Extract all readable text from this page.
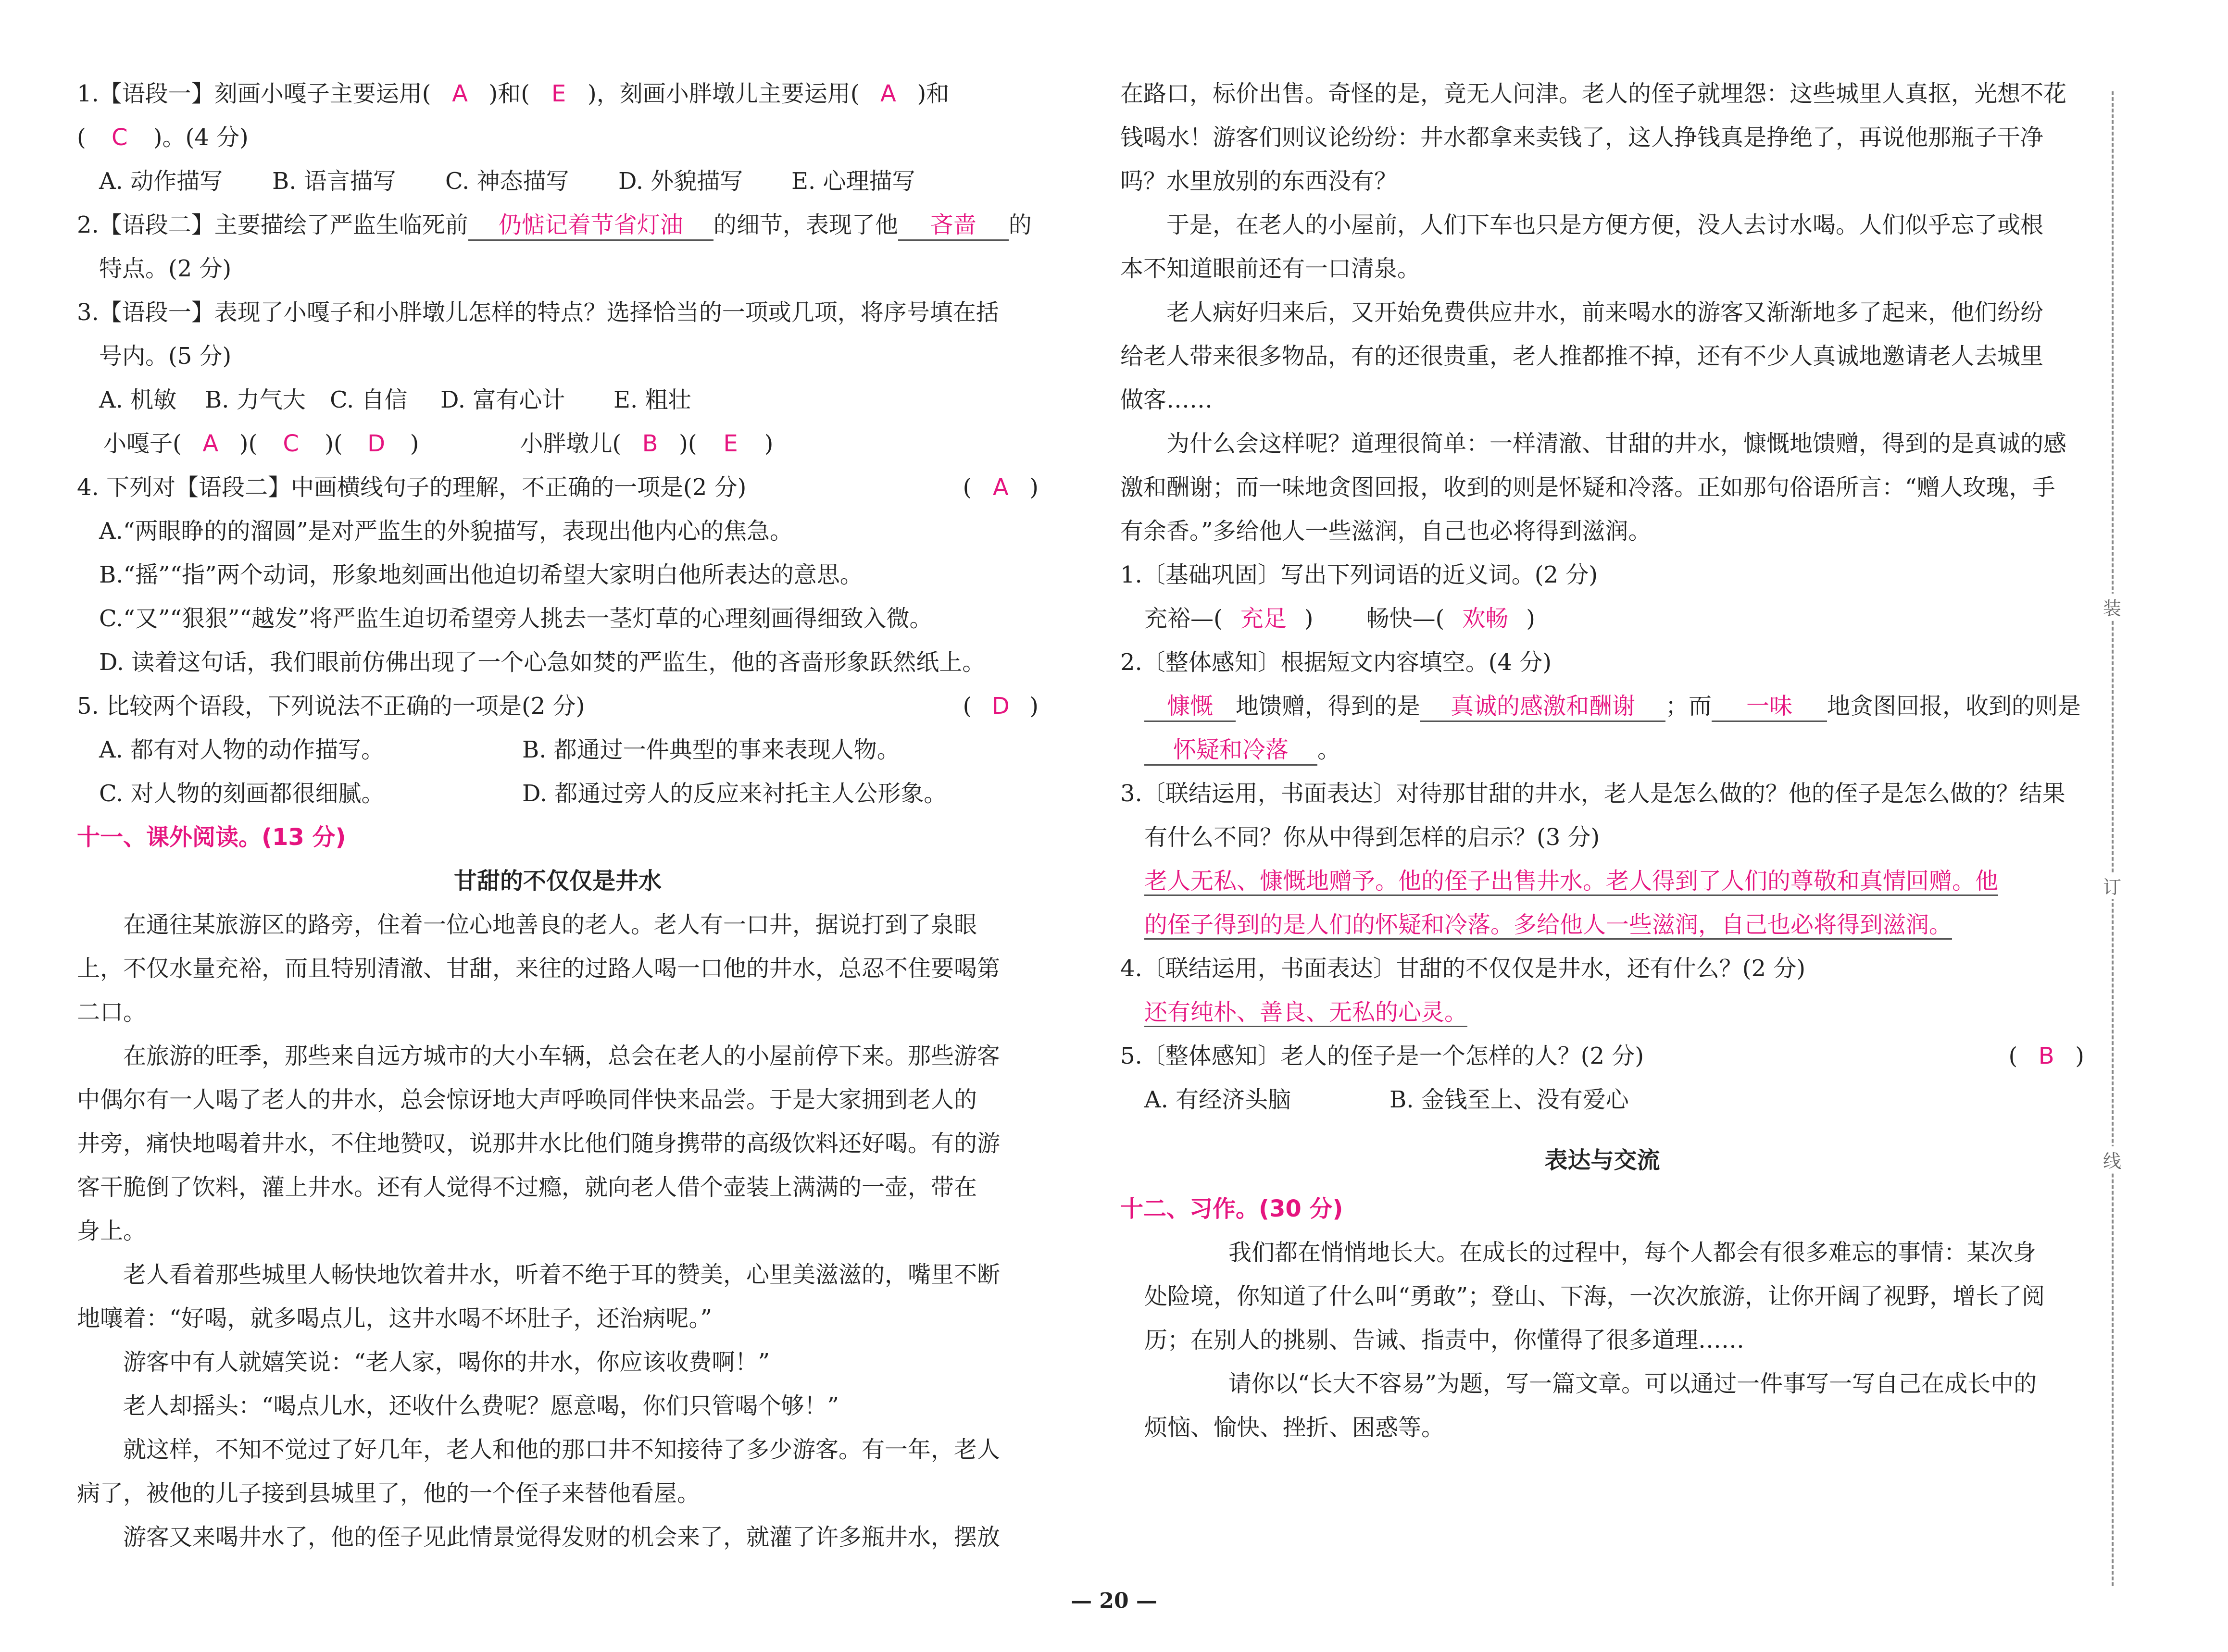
装
订
线
1.【语段一】刻画小嘎子主要运用( A )和( E )，刻画小胖墩儿主要运用( A )和
( C )。(4 分)
A. 动作描写 B. 语言描写 C. 神态描写 D. 外貌描写 E. 心理描写
2.【语段二】主要描绘了严监生临死前 仍惦记着节省灯油 的细节，表现了他 吝啬 的
特点。(2 分)
3.【语段一】表现了小嘎子和小胖墩儿怎样的特点？选择恰当的一项或几项，将序号填在括
号内。(5 分)
A. 机敏 B. 力气大 C. 自信 D. 富有心计 E. 粗壮
小嘎子( A )( C )( D )	小胖墩儿( B )( E )
4. 下列对【语段二】中画横线句子的理解，不正确的一项是(2 分)	( A )
A.“两眼睁的的溜圆”是对严监生的外貌描写，表现出他内心的焦急。
B.“摇”“指”两个动词，形象地刻画出他迫切希望大家明白他所表达的意思。
C.“又”“狠狠”“越发”将严监生迫切希望旁人挑去一茎灯草的心理刻画得细致入微。
D. 读着这句话，我们眼前仿佛出现了一个心急如焚的严监生，他的吝啬形象跃然纸上。
5. 比较两个语段，下列说法不正确的一项是(2 分)	( D )
A. 都有对人物的动作描写。	B. 都通过一件典型的事来表现人物。
C. 对人物的刻画都很细腻。	D. 都通过旁人的反应来衬托主人公形象。
十一、课外阅读。(13 分)
甘甜的不仅仅是井水
在通往某旅游区的路旁，住着一位心地善良的老人。老人有一口井，据说打到了泉眼
上，不仅水量充裕，而且特别清澈、甘甜，来往的过路人喝一口他的井水，总忍不住要喝第
二口。
在旅游的旺季，那些来自远方城市的大小车辆，总会在老人的小屋前停下来。那些游客
中偶尔有一人喝了老人的井水，总会惊讶地大声呼唤同伴快来品尝。于是大家拥到老人的
井旁，痛快地喝着井水，不住地赞叹，说那井水比他们随身携带的高级饮料还好喝。有的游
客干脆倒了饮料，灌上井水。还有人觉得不过瘾，就向老人借个壶装上满满的一壶，带在
身上。
老人看着那些城里人畅快地饮着井水，听着不绝于耳的赞美，心里美滋滋的，嘴里不断
地嚷着：“好喝，就多喝点儿，这井水喝不坏肚子，还治病呢。”
游客中有人就嬉笑说：“老人家，喝你的井水，你应该收费啊！”
老人却摇头：“喝点儿水，还收什么费呢？愿意喝，你们只管喝个够！”
就这样，不知不觉过了好几年，老人和他的那口井不知接待了多少游客。有一年，老人
病了，被他的儿子接到县城里了，他的一个侄子来替他看屋。
游客又来喝井水了，他的侄子见此情景觉得发财的机会来了，就灌了许多瓶井水，摆放
在路口，标价出售。奇怪的是，竟无人问津。老人的侄子就埋怨：这些城里人真抠，光想不花
钱喝水！游客们则议论纷纷：井水都拿来卖钱了，这人挣钱真是挣绝了，再说他那瓶子干净
吗？水里放别的东西没有？
于是，在老人的小屋前，人们下车也只是方便方便，没人去讨水喝。人们似乎忘了或根
本不知道眼前还有一口清泉。
老人病好归来后，又开始免费供应井水，前来喝水的游客又渐渐地多了起来，他们纷纷
给老人带来很多物品，有的还很贵重，老人推都推不掉，还有不少人真诚地邀请老人去城里
做客……
为什么会这样呢？道理很简单：一样清澈、甘甜的井水，慷慨地馈赠，得到的是真诚的感
激和酬谢；而一味地贪图回报，收到的则是怀疑和冷落。正如那句俗语所言：“赠人玫瑰，手
有余香。”多给他人一些滋润，自己也必将得到滋润。
1.〔基础巩固〕写出下列词语的近义词。(2 分)
充裕—( 充足 ) 畅快—( 欢畅 )
2.〔整体感知〕根据短文内容填空。(4 分)
慷慨 地馈赠，得到的是 真诚的感激和酬谢 ；而 一味 地贪图回报，收到的则是
怀疑和冷落 。
3.〔联结运用，书面表达〕对待那甘甜的井水，老人是怎么做的？他的侄子是怎么做的？结果
有什么不同？你从中得到怎样的启示？(3 分)
老人无私、慷慨地赠予。他的侄子出售井水。老人得到了人们的尊敬和真情回赠。他
的侄子得到的是人们的怀疑和冷落。多给他人一些滋润，自己也必将得到滋润。
4.〔联结运用，书面表达〕甘甜的不仅仅是井水，还有什么？(2 分)
还有纯朴、善良、无私的心灵。
5.〔整体感知〕老人的侄子是一个怎样的人？(2 分)	( B )
A. 有经济头脑	B. 金钱至上、没有爱心
表达与交流
十二、习作。(30 分)
我们都在悄悄地长大。在成长的过程中，每个人都会有很多难忘的事情：某次身
处险境，你知道了什么叫“勇敢”；登山、下海，一次次旅游，让你开阔了视野，增长了阅
历；在别人的挑剔、告诫、指责中，你懂得了很多道理……
请你以“长大不容易”为题，写一篇文章。可以通过一件事写一写自己在成长中的
烦恼、愉快、挫折、困惑等。
— 20 —
